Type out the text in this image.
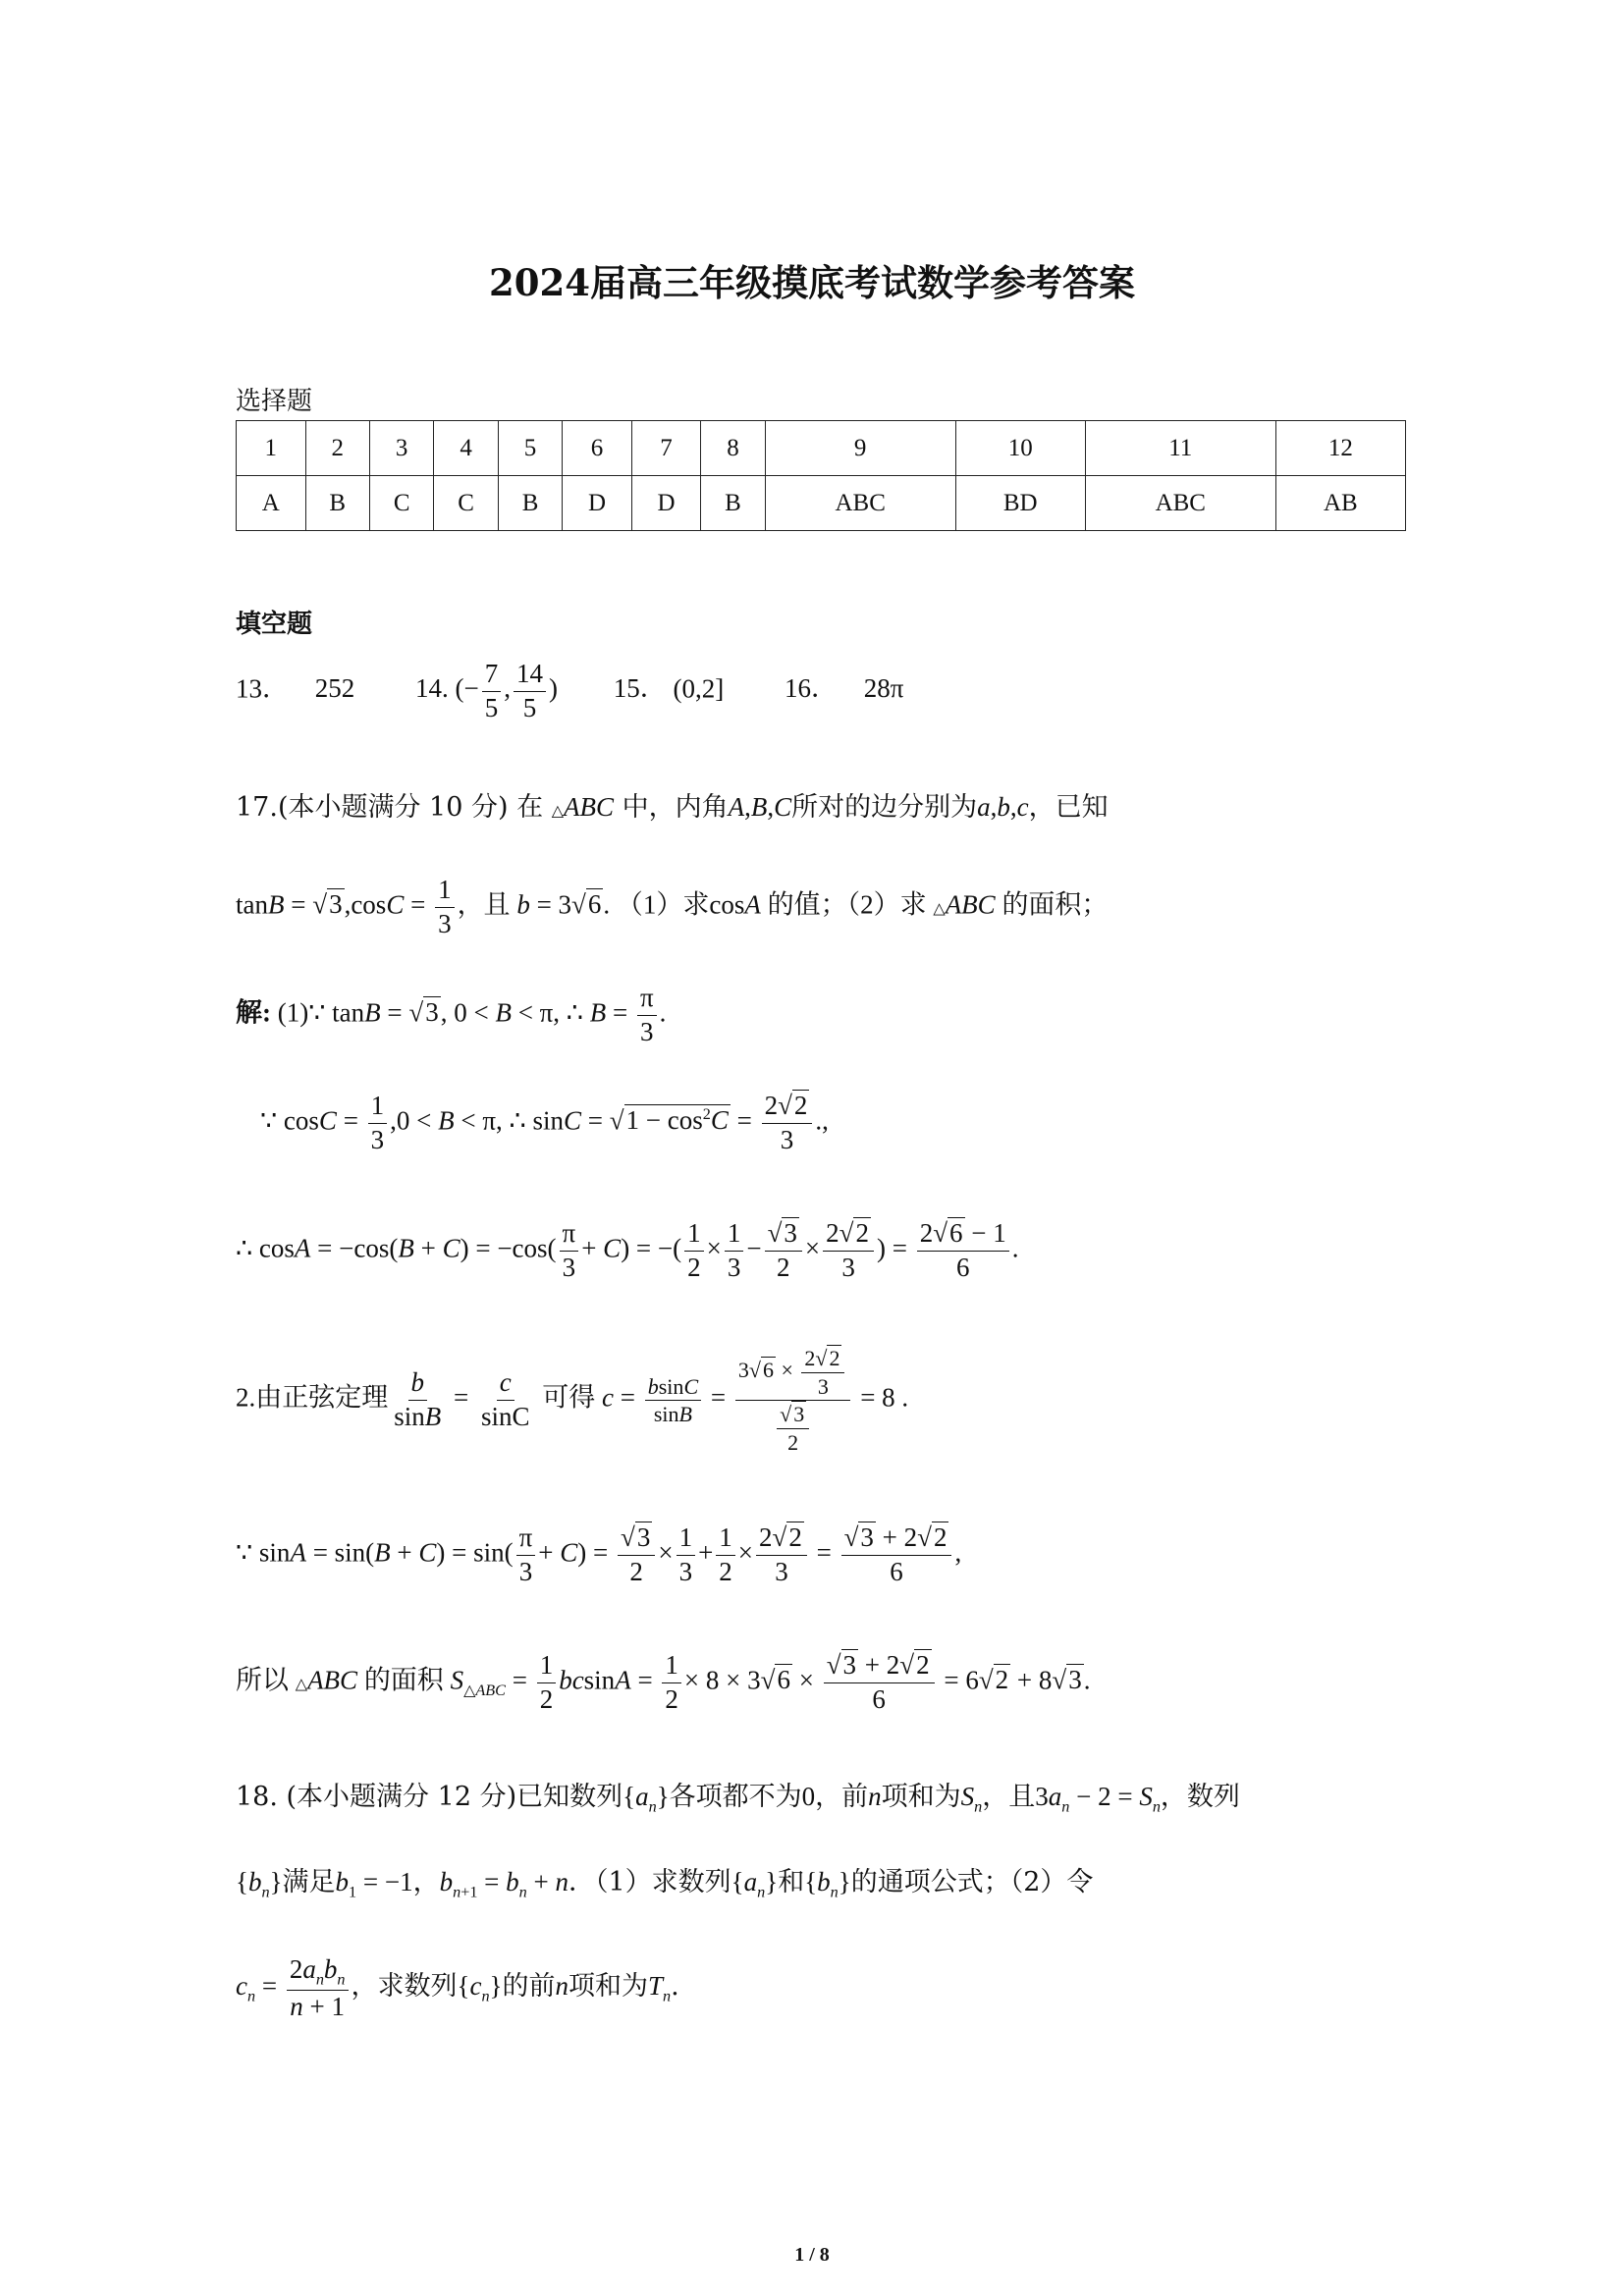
2024届高三年级摸底考试数学参考答案
选择题
1	2	3	4	5	6	7	8	9	10	11	12
A	B	C	C	B	D	D	B	ABC	BD	ABC	AB
填空题
13． 252 14. (− $\frac{7}{5}$ , $\frac{14}{5}$ ) 15． (0,2] 16． 28π
17.(本小题满分 10 分) 在 △ABC 中，内角A,B,C所对的边分别为a,b,c，已知
$\tan B = √3,\cos C = \frac{1}{3}$ ，且 b = 3√6. （1）求cosA 的值；（2）求 △ABC 的面积；
解: (1)∵ tanB = √3, 0 < B < π, ∴ $B = \frac{\pi}{3}$ .
∵ $\cos C = \frac{1}{3} ,0 < B < \pi$, ∴ $\sin C = √1 - \cos^2C = \frac{2√2}{3}$ .,
∴ $\cos A = -\cos(B + C) = -\cos( \frac{\pi}{3} + C)$ = −( $\frac{1}{2} \times \frac{1}{3} - \frac{√3}{2} \times \frac{2√2}{3}$ ) = $\frac{2√6 - 1}{6}$ .
2.由正弦定理 $\frac{b}{\sin B} = \frac{c}{\sin C}$ 可得 $c = \frac{bsinC}{\sin B} = \frac{3√6 \times \frac{2√2}{3}}{\frac{√3}{2}} = 8$ .
∵ $\sin A = \sin(B + C) = \sin( \frac{\pi}{3} + C) = \frac{√3}{2} \times \frac{1}{3} + \frac{1}{2} \times \frac{2√2}{3} = \frac{√3 + 2√2}{6}$ ,
所以 △ABC 的面积 $S_{\triangle ABC} = \frac{1}{2}$ $bcsinA = \frac{1}{2} \times 8 \times 3√6 \times \frac{√3 + 2√2}{6} = 6√2 + 8√3$.
18. (本小题满分 12 分)已知数列$\{a_n\}$各项都不为0，前n项和为$S_n$，且$3a_n - 2 = S_n$，数列
$\{b_n\}$满足$b_1 = -1$，$b_{n+1} = b_n + n$．（1）求数列$\{a_n\}$和$\{b_n\}$的通项公式；（2）令
$c_n = \frac{2a_nb_n}{n + 1}$ ，求数列$\{c_n\}$的前n项和为$T_n$.
1 / 8
